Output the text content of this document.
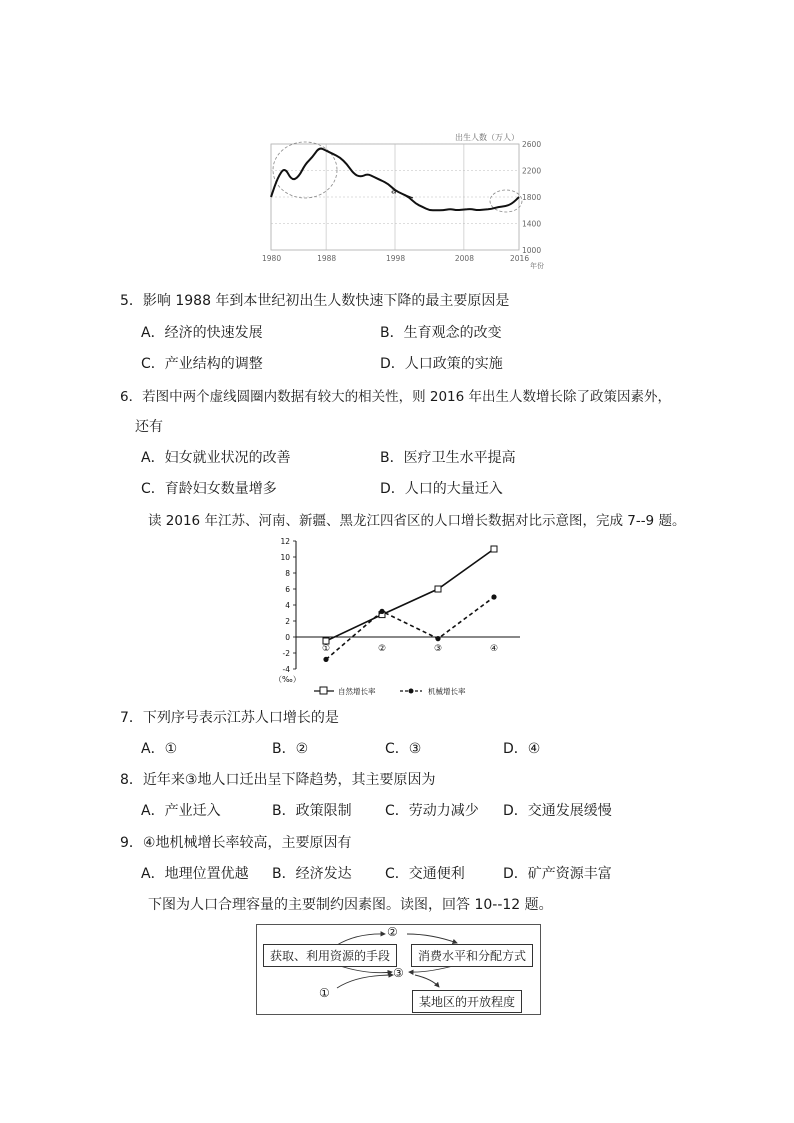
1980	1988	1998	2008	2016
1000
1400
1800
2200
2600
出生人数（万人）
年份
a
5．影响 1988 年到本世纪初出生人数快速下降的最主要原因是
A．经济的快速发展	B．生育观念的改变
C．产业结构的调整	D．人口政策的实施
6．若图中两个虚线圆圈内数据有较大的相关性，则 2016 年出生人数增长除了政策因素外，
还有
A．妇女就业状况的改善	B．医疗卫生水平提高
C．育龄妇女数量增多	D．人口的大量迁入
读 2016 年江苏、河南、新疆、黑龙江四省区的人口增长数据对比示意图，完成 7--9 题。
-4
-2
0
2
4
6
8
10
12
①	②	③	④
（‰）
自然增长率	机械增长率
7．下列序号表示江苏人口增长的是
A．①	B．②	C．③	D．④
8．近年来③地人口迁出呈下降趋势，其主要原因为
A．产业迁入	B．政策限制 C．劳动力减少 D．交通发展缓慢
9．④地机械增长率较高，主要原因有
A．地理位置优越 B．经济发达 C．交通便利	D．矿产资源丰富
下图为人口合理容量的主要制约因素图。读图，回答 10--12 题。
获取、利用资源的手段	消费水平和分配方式
某地区的开放程度
②
③
①
